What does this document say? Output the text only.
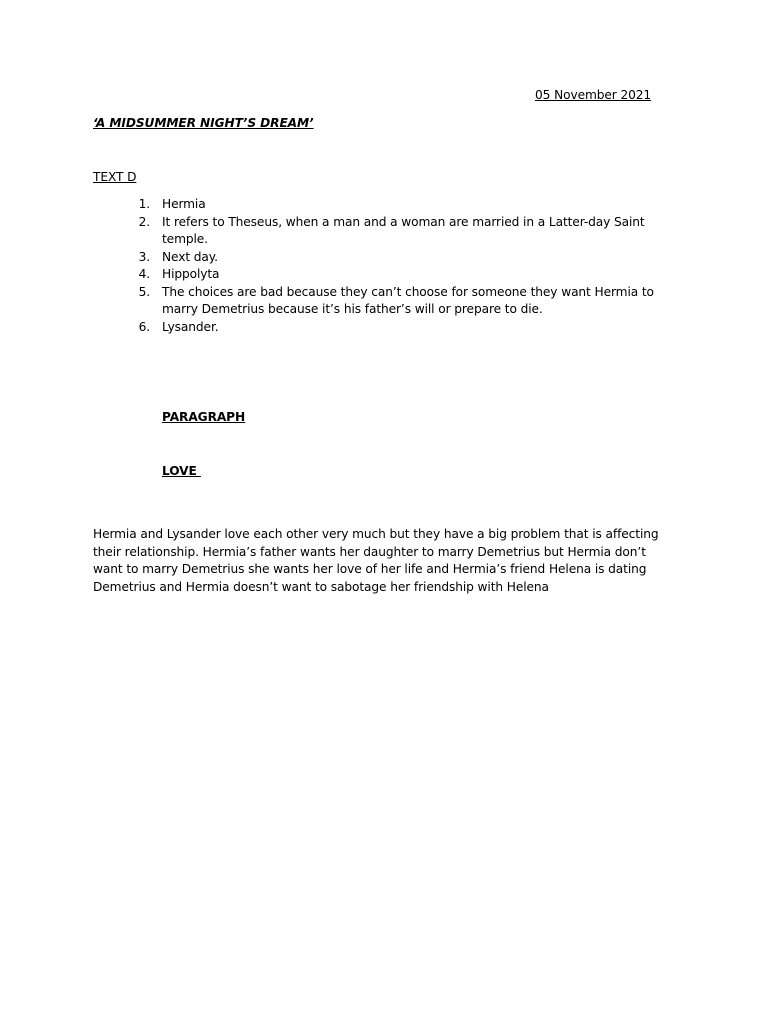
05 November 2021
‘A MIDSUMMER NIGHT’S DREAM’
TEXT D
1. Hermia
2. It refers to Theseus, when a man and a woman are married in a Latter-day Saint temple.
3. Next day.
4. Hippolyta
5. The choices are bad because they can’t choose for someone they want Hermia to marry Demetrius because it’s his father’s will or prepare to die.
6. Lysander.
PARAGRAPH
LOVE

Hermia and Lysander love each other very much but they have a big problem that is affecting their relationship. Hermia’s father wants her daughter to marry Demetrius but Hermia don’t want to marry Demetrius she wants her love of her life and Hermia’s friend Helena is dating Demetrius and Hermia doesn’t want to sabotage her friendship with Helena
